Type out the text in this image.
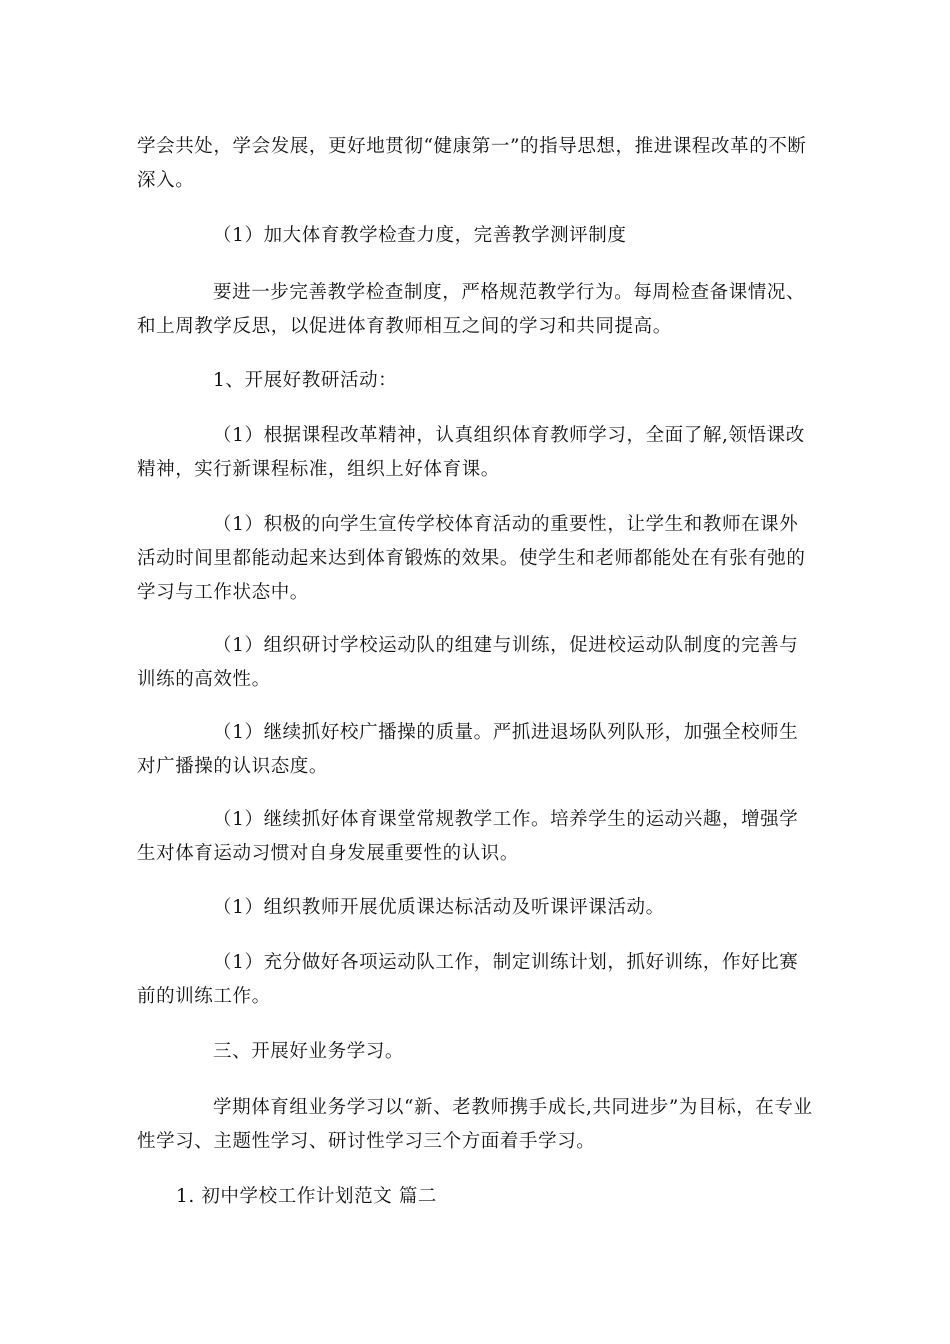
学会共处，学会发展，更好地贯彻“健康第一”的指导思想，推进课程改革的不断深入。

（1）加大体育教学检查力度，完善教学测评制度

要进一步完善教学检查制度，严格规范教学行为。每周检查备课情况、和上周教学反思，以促进体育教师相互之间的学习和共同提高。

1、开展好教研活动：

（1）根据课程改革精神，认真组织体育教师学习，全面了解,领悟课改精神，实行新课程标准，组织上好体育课。

（1）积极的向学生宣传学校体育活动的重要性，让学生和教师在课外活动时间里都能动起来达到体育锻炼的效果。使学生和老师都能处在有张有弛的学习与工作状态中。

（1）组织研讨学校运动队的组建与训练，促进校运动队制度的完善与训练的高效性。

（1）继续抓好校广播操的质量。严抓进退场队列队形，加强全校师生对广播操的认识态度。

（1）继续抓好体育课堂常规教学工作。培养学生的运动兴趣，增强学生对体育运动习惯对自身发展重要性的认识。

（1）组织教师开展优质课达标活动及听课评课活动。

（1）充分做好各项运动队工作，制定训练计划，抓好训练，作好比赛前的训练工作。

三、开展好业务学习。

学期体育组业务学习以“新、老教师携手成长,共同进步”为目标，在专业性学习、主题性学习、研讨性学习三个方面着手学习。

1. 初中学校工作计划范文 篇二
